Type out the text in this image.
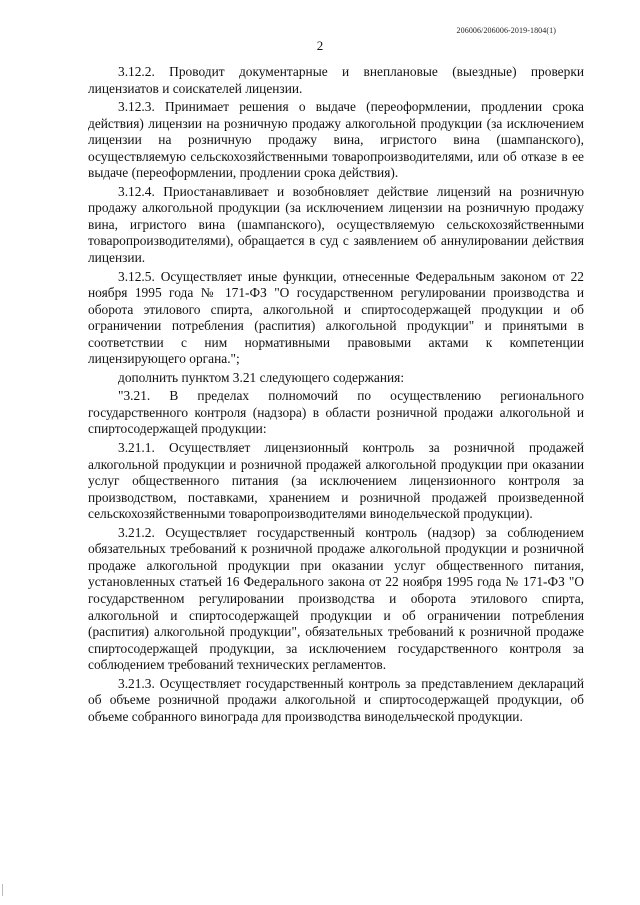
206006/206006-2019-1804(1)
2

3.12.2. Проводит документарные и внеплановые (выездные) проверки лицензиатов и соискателей лицензии.

3.12.3. Принимает решения о выдаче (переоформлении, продлении срока действия) лицензии на розничную продажу алкогольной продукции (за исключением лицензии на розничную продажу вина, игристого вина (шампанского), осуществляемую сельскохозяйственными товаропроизводителями, или об отказе в ее выдаче (переоформлении, продлении срока действия).

3.12.4. Приостанавливает и возобновляет действие лицензий на розничную продажу алкогольной продукции (за исключением лицензии на розничную продажу вина, игристого вина (шампанского), осуществляемую сельскохозяйственными товаропроизводителями), обращается в суд с заявлением об аннулировании действия лицензии.

3.12.5. Осуществляет иные функции, отнесенные Федеральным законом от 22 ноября 1995 года № 171-ФЗ "О государственном регулировании производства и оборота этилового спирта, алкогольной и спиртосодержащей продукции и об ограничении потребления (распития) алкогольной продукции" и принятыми в соответствии с ним нормативными правовыми актами к компетенции лицензирующего органа.";

дополнить пунктом 3.21 следующего содержания:

"3.21. В пределах полномочий по осуществлению регионального государственного контроля (надзора) в области розничной продажи алкогольной и спиртосодержащей продукции:

3.21.1. Осуществляет лицензионный контроль за розничной продажей алкогольной продукции и розничной продажей алкогольной продукции при оказании услуг общественного питания (за исключением лицензионного контроля за производством, поставками, хранением и розничной продажей произведенной сельскохозяйственными товаропроизводителями винодельческой продукции).

3.21.2. Осуществляет государственный контроль (надзор) за соблюдением обязательных требований к розничной продаже алкогольной продукции и розничной продаже алкогольной продукции при оказании услуг общественного питания, установленных статьей 16 Федерального закона от 22 ноября 1995 года № 171-ФЗ "О государственном регулировании производства и оборота этилового спирта, алкогольной и спиртосодержащей продукции и об ограничении потребления (распития) алкогольной продукции", обязательных требований к розничной продаже спиртосодержащей продукции, за исключением государственного контроля за соблюдением требований технических регламентов.

3.21.3. Осуществляет государственный контроль за представлением деклараций об объеме розничной продажи алкогольной и спиртосодержащей продукции, об объеме собранного винограда для производства винодельческой продукции.
